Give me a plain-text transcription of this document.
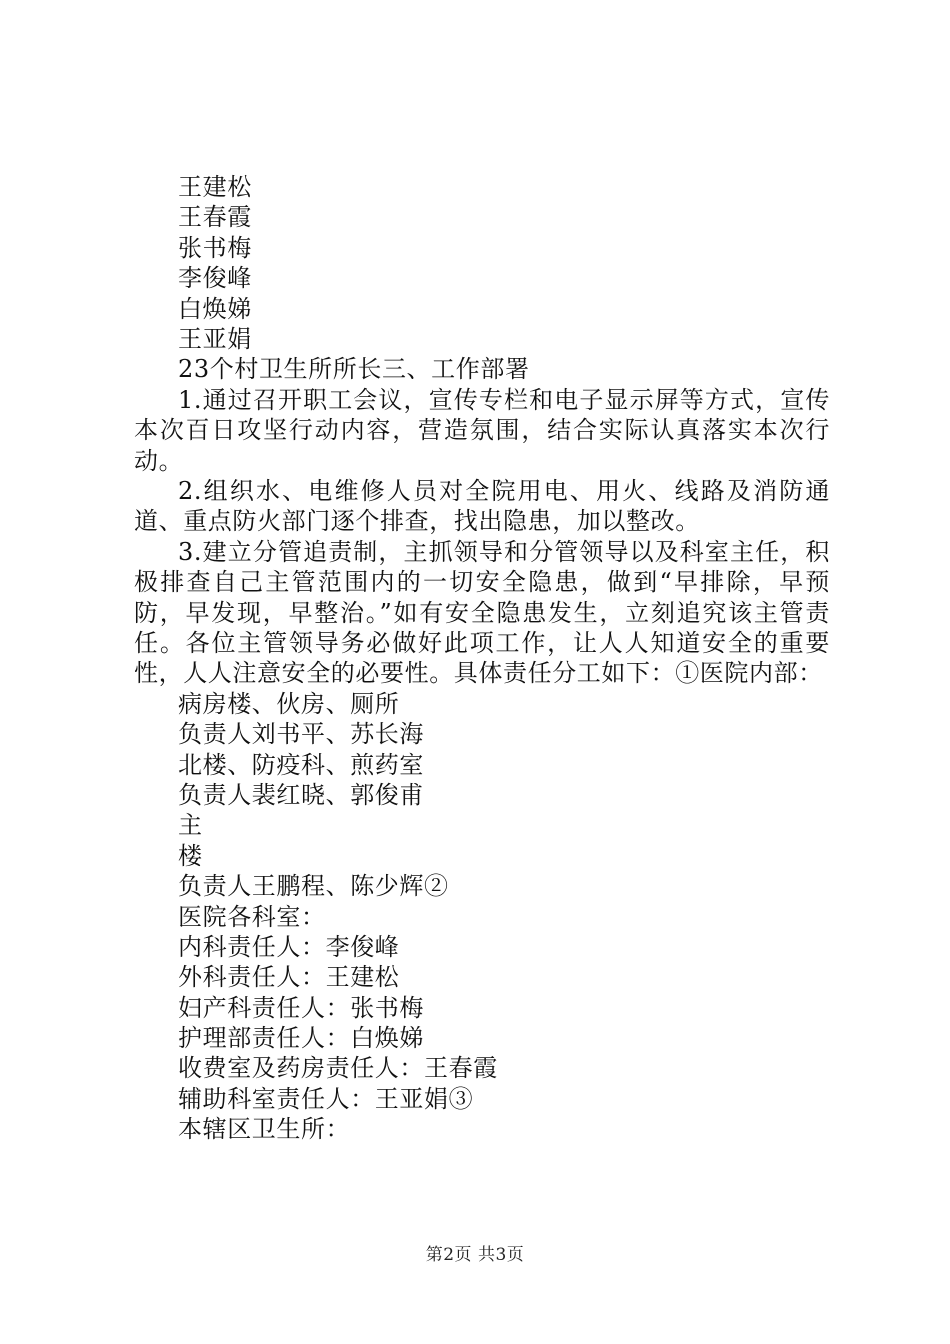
王建松
王春霞
张书梅
李俊峰
白焕娣
王亚娟
23个村卫生所所长三、工作部署

1.通过召开职工会议，宣传专栏和电子显示屏等方式，宣传本次百日攻坚行动内容，营造氛围，结合实际认真落实本次行动。

2.组织水、电维修人员对全院用电、用火、线路及消防通道、重点防火部门逐个排查，找出隐患，加以整改。

3.建立分管追责制，主抓领导和分管领导以及科室主任，积极排查自己主管范围内的一切安全隐患，做到“早排除，早预防，早发现，早整治。”如有安全隐患发生，立刻追究该主管责任。各位主管领导务必做好此项工作，让人人知道安全的重要性，人人注意安全的必要性。具体责任分工如下：①医院内部：

病房楼、伙房、厕所
负责人刘书平、苏长海
北楼、防疫科、煎药室
负责人裴红晓、郭俊甫
主
楼
负责人王鹏程、陈少辉②
医院各科室：
内科责任人：李俊峰
外科责任人：王建松
妇产科责任人：张书梅
护理部责任人：白焕娣
收费室及药房责任人：王春霞
辅助科室责任人：王亚娟③
本辖区卫生所：
第2页 共3页
